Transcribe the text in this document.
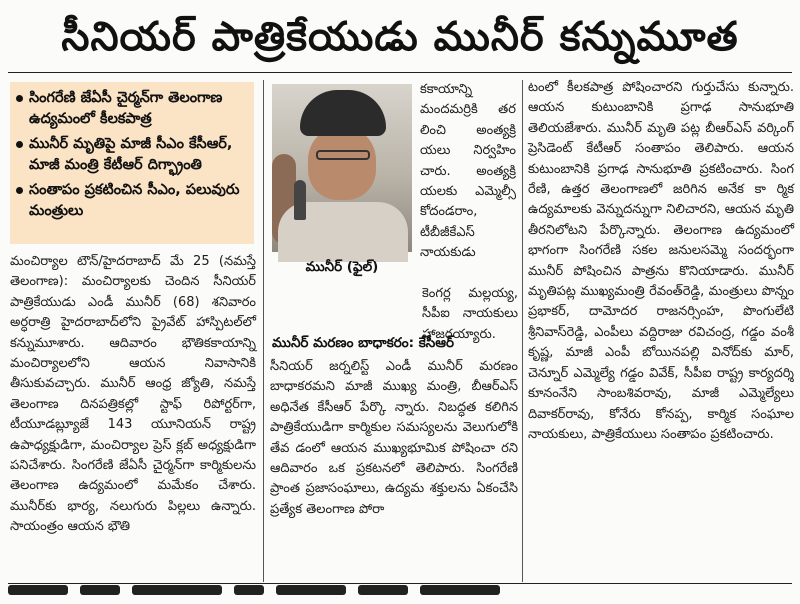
సీనియర్ పాత్రికేయుడు మునీర్ కన్నుమూత
సింగరేణి జేఏసీ చైర్మన్‌గా తెలంగాణ ఉద్యమంలో కీలకపాత్ర
మునీర్ మృతిపై మాజీ సీఎం కేసీఆర్, మాజీ మంత్రి కేటీఆర్ దిగ్భ్రాంతి
సంతాపం ప్రకటించిన సీఎం, పలువురు మంత్రులు

మంచిర్యాల టౌన్/హైదరాబాద్ మే 25 (నమస్తే తెలంగాణ): మంచిర్యాలకు చెందిన సీనియర్ పాత్రికేయుడు ఎండీ మునీర్ (68) శనివారం అర్ధరాత్రి హైదరాబాద్‌లోని ప్రైవేట్ హాస్పిటల్‌లో కన్నుమూశారు. ఆదివారం భౌతికకాయాన్ని మంచిర్యాలలోని ఆయన నివాసానికి తీసుకువచ్చారు. మునీర్ ఆంధ్ర జ్యోతి, నమస్తే తెలంగాణ దినపత్రికల్లో స్టాఫ్ రిపోర్టర్‌గా, టీయూడబ్ల్యూజే 143 యూనియన్ రాష్ట్ర ఉపాధ్యక్షుడిగా, మంచిర్యాల ప్రెస్ క్లబ్ అధ్యక్షుడిగా పనిచేశారు. సింగరేణి జేఏసీ చైర్మన్‌గా కార్మికులను తెలంగాణ ఉద్యమంలో మమేకం చేశారు. మునీర్‌కు భార్య, నలుగురు పిల్లలు ఉన్నారు. సాయంత్రం ఆయన భౌతి

మునీర్ (ఫైల్)

కకాయాన్ని మందమర్రికి తర లించి అంత్యక్రి యలు నిర్వహిం చారు. అంత్యక్రి యలకు ఎమ్మెల్సీ కోదండరాం, టీబీజీకేఎస్ నాయకుడు

కెంగర్ల మల్లయ్య, సీపీఐ నాయకులు హాజరయ్యారు.

మునీర్ మరణం బాధాకరం: కేసీఆర్

సీనియర్ జర్నలిస్ట్ ఎండీ మునీర్ మరణం బాధాకరమని మాజీ ముఖ్య మంత్రి, బీఆర్‌ఎస్ అధినేత కేసీఆర్ పేర్కొ న్నారు. నిబద్ధత కలిగిన పాత్రికేయుడిగా కార్మికుల సమస్యలను వెలుగులోకి తేవ డంలో ఆయన ముఖ్యభూమిక పోషించా రని ఆదివారం ఒక ప్రకటనలో తెలిపారు. సింగరేణి ప్రాంత ప్రజాసంఘాలు, ఉద్యమ శక్తులను ఏకంచేసి ప్రత్యేక తెలంగాణ పోరా

టంలో కీలకపాత్ర పోషించారని గుర్తుచేసు కున్నారు. ఆయన కుటుంబానికి ప్రగాఢ సానుభూతి తెలియజేశారు. మునీర్ మృతి పట్ల బీఆర్‌ఎస్ వర్కింగ్ ప్రెసిడెంట్ కేటీఆర్ సంతాపం తెలిపారు. ఆయన కుటుంబానికి ప్రగాఢ సానుభూతి ప్రకటించారు. సింగ రేణి, ఉత్తర తెలంగాణలో జరిగిన అనేక కా ర్మిక ఉద్యమాలకు వెన్నుదన్నుగా నిలిచారని, ఆయన మృతి తీరనిలోటని పేర్కొన్నారు. తెలంగాణ ఉద్యమంలో భాగంగా సింగరేణి సకల జనులసమ్మె సందర్భంగా మునీర్ పోషించిన పాత్రను కొనియాడారు. మునీర్ మృతిపట్ల ముఖ్యమంత్రి రేవంత్‌రెడ్డి, మంత్రులు పొన్నం ప్రభాకర్, దామోదర రాజనర్సింహ, పొంగులేటి శ్రీనివాస్‌రెడ్డి, ఎంపీలు వద్దిరాజు రవిచంద్ర, గడ్డం వంశీ కృష్ణ, మాజీ ఎంపీ బోయినపల్లి వినోద్‌కు మార్, చెన్నూర్ ఎమ్మెల్యే గడ్డం వివేక్, సీపీఐ రాష్ట్ర కార్యదర్శి కూనంనేని సాంబశివరావు, మాజీ ఎమ్మెల్యేలు దివాకర్‌రావు, కోనేరు కోనప్ప, కార్మిక సంఘాల నాయకులు, పాత్రికేయులు సంతాపం ప్రకటించారు.
